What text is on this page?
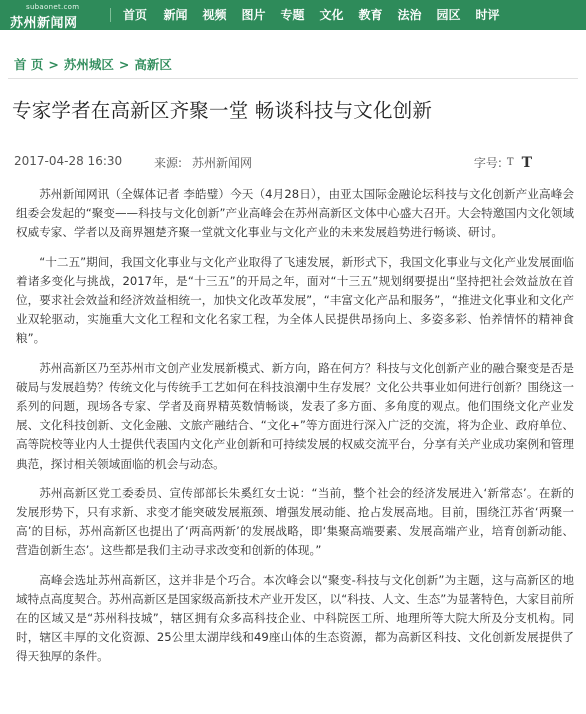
subaonet.com
苏州新闻网
首页	新闻	视频	图片	专题	文化	教育	法治	园区	时评
首 页 > 苏州城区 > 高新区
专家学者在高新区齐聚一堂 畅谈科技与文化创新
2017-04-28 16:30	来源: 苏州新闻网	字号: T T

苏州新闻网讯（全媒体记者 李皓璧）今天（4月28日），由亚太国际金融论坛科技与文化创新产业高峰会组委会发起的“聚变——科技与文化创新”产业高峰会在苏州高新区文体中心盛大召开。大会特邀国内文化领域权威专家、学者以及商界翘楚齐聚一堂就文化事业与文化产业的未来发展趋势进行畅谈、研讨。

“十二五”期间，我国文化事业与文化产业取得了飞速发展，新形式下，我国文化事业与文化产业发展面临着诸多变化与挑战，2017年，是“十三五”的开局之年，面对“十三五”规划纲要提出“坚持把社会效益放在首位，要求社会效益和经济效益相统一，加快文化改革发展”，“丰富文化产品和服务”，“推进文化事业和文化产业双轮驱动，实施重大文化工程和文化名家工程，为全体人民提供昂扬向上、多姿多彩、怡养情怀的精神食粮”。

苏州高新区乃至苏州市文创产业发展新模式、新方向，路在何方？科技与文化创新产业的融合聚变是否是破局与发展趋势？传统文化与传统手工艺如何在科技浪潮中生存发展？文化公共事业如何进行创新？围绕这一系列的问题，现场各专家、学者及商界精英数情畅谈，发表了多方面、多角度的观点。他们围绕文化产业发展、文化科技创新、文化金融、文旅产融结合、“文化+”等方面进行深入广泛的交流，将为企业、政府单位、高等院校等业内人士提供代表国内文化产业创新和可持续发展的权威交流平台，分享有关产业成功案例和管理典范，探讨相关领域面临的机会与动态。

苏州高新区党工委委员、宣传部部长朱奚红女士说：“当前，整个社会的经济发展进入‘新常态’。在新的发展形势下，只有求新、求变才能突破发展瓶颈、增强发展动能、抢占发展高地。目前，围绕江苏省‘两聚一高’的目标，苏州高新区也提出了‘两高两新’的发展战略，即‘集聚高端要素、发展高端产业，培育创新动能、营造创新生态’。这些都是我们主动寻求改变和创新的体现。”

高峰会选址苏州高新区，这并非是个巧合。本次峰会以“聚变-科技与文化创新”为主题，这与高新区的地域特点高度契合。苏州高新区是国家级高新技术产业开发区，以“科技、人文、生态”为显著特色，大家目前所在的区域又是“苏州科技城”，辖区拥有众多高科技企业、中科院医工所、地理所等大院大所及分支机构。同时，辖区丰厚的文化资源、25公里太湖岸线和49座山体的生态资源，都为高新区科技、文化创新发展提供了得天独厚的条件。
